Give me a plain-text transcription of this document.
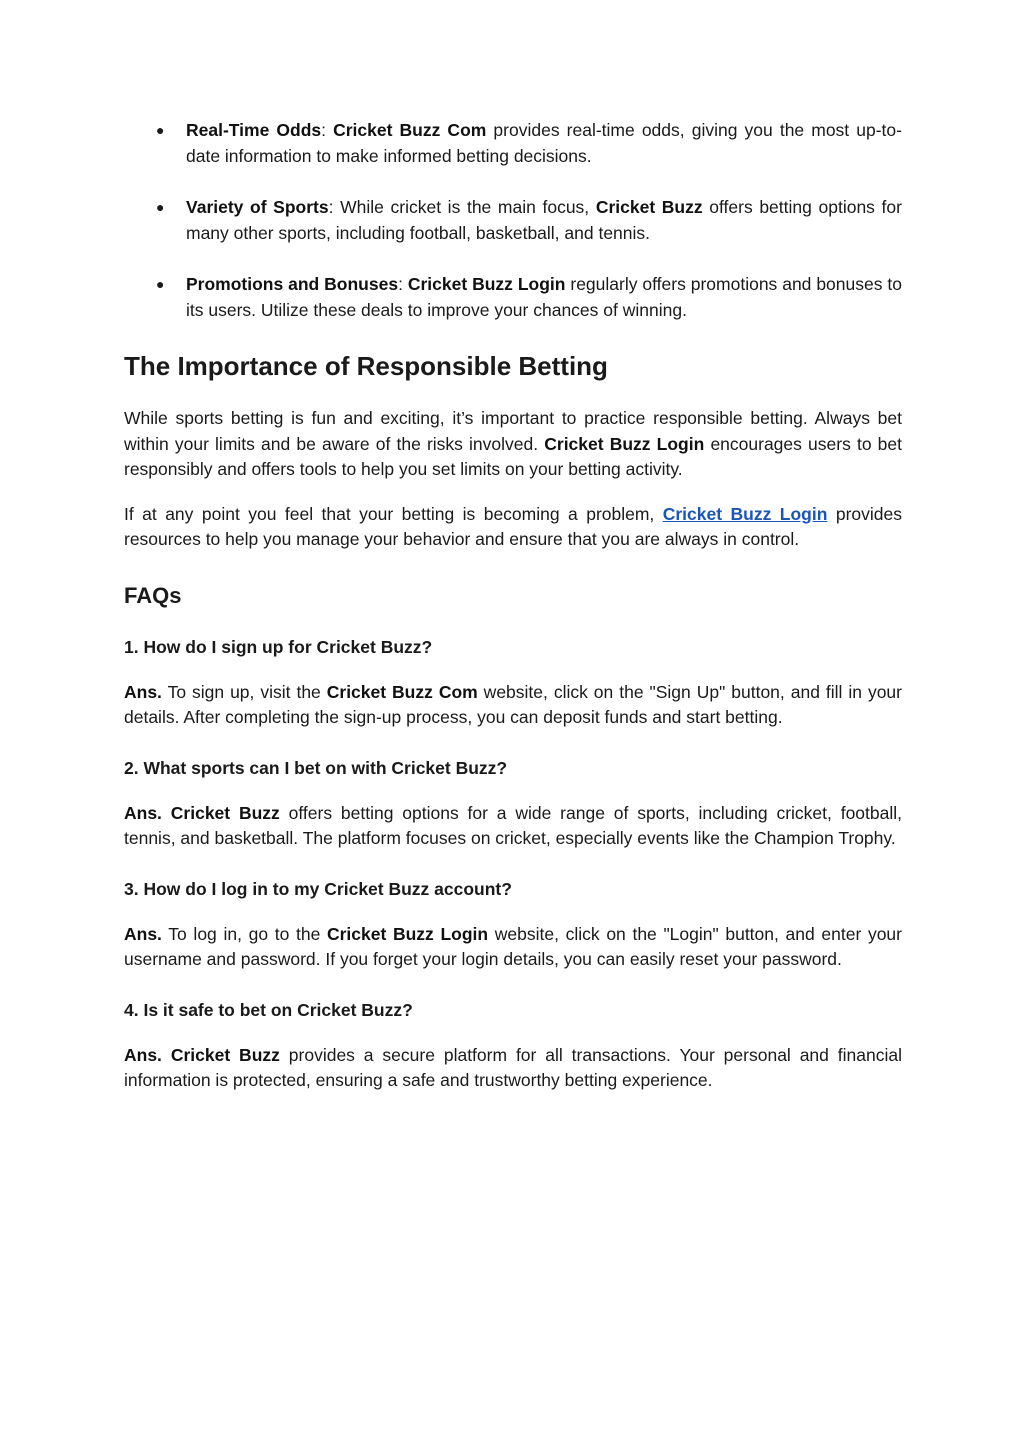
● Real-Time Odds: Cricket Buzz Com provides real-time odds, giving you the most up-to-date information to make informed betting decisions.
● Variety of Sports: While cricket is the main focus, Cricket Buzz offers betting options for many other sports, including football, basketball, and tennis.
● Promotions and Bonuses: Cricket Buzz Login regularly offers promotions and bonuses to its users. Utilize these deals to improve your chances of winning.
The Importance of Responsible Betting

While sports betting is fun and exciting, it’s important to practice responsible betting. Always bet within your limits and be aware of the risks involved. Cricket Buzz Login encourages users to bet responsibly and offers tools to help you set limits on your betting activity.

If at any point you feel that your betting is becoming a problem, Cricket Buzz Login provides resources to help you manage your behavior and ensure that you are always in control.

FAQs
1. How do I sign up for Cricket Buzz?

Ans. To sign up, visit the Cricket Buzz Com website, click on the "Sign Up" button, and fill in your details. After completing the sign-up process, you can deposit funds and start betting.

2. What sports can I bet on with Cricket Buzz?

Ans. Cricket Buzz offers betting options for a wide range of sports, including cricket, football, tennis, and basketball. The platform focuses on cricket, especially events like the Champion Trophy.

3. How do I log in to my Cricket Buzz account?

Ans. To log in, go to the Cricket Buzz Login website, click on the "Login" button, and enter your username and password. If you forget your login details, you can easily reset your password.

4. Is it safe to bet on Cricket Buzz?

Ans. Cricket Buzz provides a secure platform for all transactions. Your personal and financial information is protected, ensuring a safe and trustworthy betting experience.
